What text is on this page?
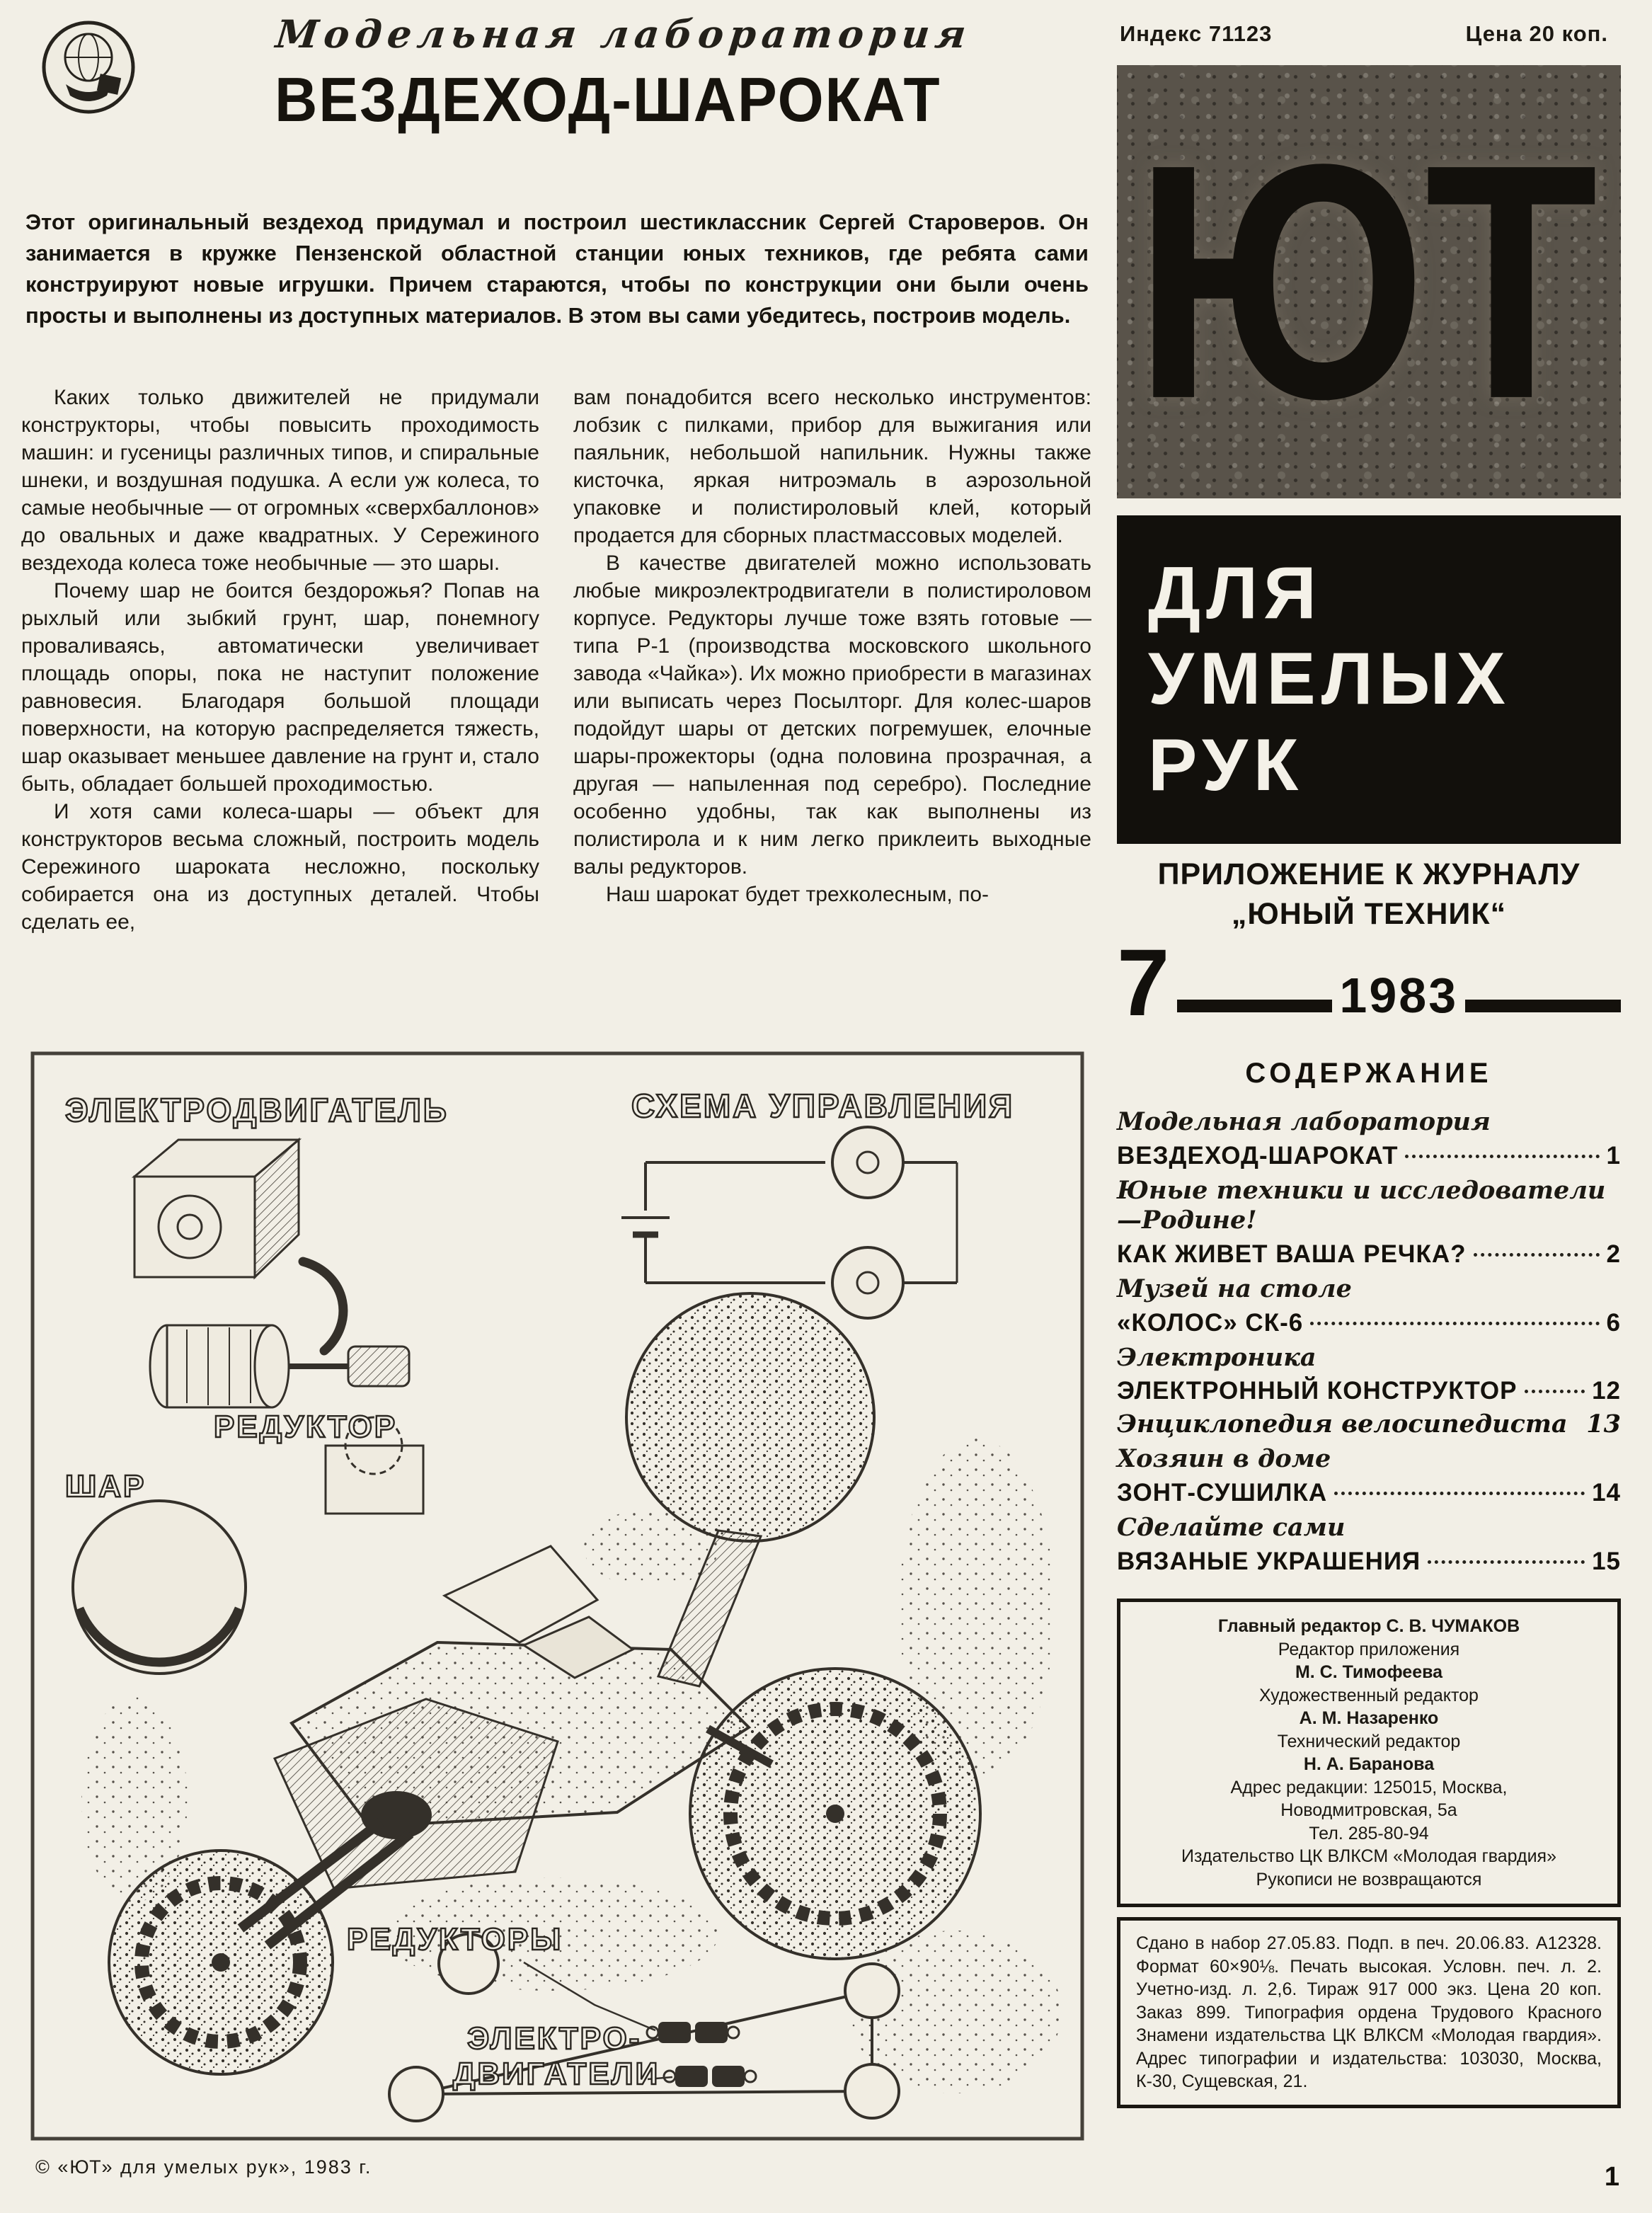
Модельная лаборатория
ВЕЗДЕХОД-ШАРОКАТ
Индекс 71123	Цена 20 коп.

Этот оригинальный вездеход придумал и построил шестиклассник Сергей Староверов. Он занимается в кружке Пензенской областной станции юных техников, где ребята сами конструируют новые игрушки. Причем стараются, чтобы по конструкции они были очень просты и выполнены из доступных материалов. В этом вы сами убедитесь, построив модель.

Каких только движителей не придумали конструкторы, чтобы повысить проходимость машин: и гусеницы различных типов, и спиральные шнеки, и воздушная подушка. А если уж колеса, то самые необычные — от огромных «сверхбаллонов» до овальных и даже квадратных. У Сережиного вездехода колеса тоже необычные — это шары.

Почему шар не боится бездорожья? Попав на рыхлый или зыбкий грунт, шар, понемногу проваливаясь, автоматически увеличивает площадь опоры, пока не наступит положение равновесия. Благодаря большой площади поверхности, на которую распределяется тяжесть, шар оказывает меньшее давление на грунт и, стало быть, обладает большей проходимостью.

И хотя сами колеса-шары — объект для конструкторов весьма сложный, построить модель Сережиного шароката несложно, поскольку собирается она из доступных деталей. Чтобы сделать ее,

вам понадобится всего несколько инструментов: лобзик с пилками, прибор для выжигания или паяльник, небольшой напильник. Нужны также кисточка, яркая нитроэмаль в аэрозольной упаковке и полистироловый клей, который продается для сборных пластмассовых моделей.

В качестве двигателей можно использовать любые микроэлектродвигатели в полистироловом корпусе. Редукторы лучше тоже взять готовые — типа Р-1 (производства московского школьного завода «Чайка»). Их можно приобрести в магазинах или выписать через Посылторг. Для колес-шаров подойдут шары от детских погремушек, елочные шары-прожекторы (одна половина прозрачная, а другая — напыленная под серебро). Последние особенно удобны, так как выполнены из полистирола и к ним легко приклеить выходные валы редукторов.

Наш шарокат будет трехколесным, по-

ЭЛЕКТРОДВИГАТЕЛЬ	СХЕМА УПРАВЛЕНИЯ
РЕДУКТОР
ШАР
РЕДУКТОРЫ
ЭЛЕКТРО-
ДВИГАТЕЛИ
© «ЮТ» для умелых рук», 1983 г.
ЮТ
ДЛЯ
УМЕЛЫХ
РУК
ПРИЛОЖЕНИЕ К ЖУРНАЛУ
„ЮНЫЙ ТЕХНИК“
7	1983
СОДЕРЖАНИЕ
Модельная лаборатория
ВЕЗДЕХОД-ШАРОКАТ	1
Юные техники и исследователи—Родине!
КАК ЖИВЕТ ВАША РЕЧКА?	2
Музей на столе
«КОЛОС» СК-6	6
Электроника
ЭЛЕКТРОННЫЙ КОНСТРУКТОР	12
Энциклопедия велосипедиста 13
Хозяин в доме
ЗОНТ-СУШИЛКА	14
Сделайте сами
ВЯЗАНЫЕ УКРАШЕНИЯ	15
Главный редактор С. В. ЧУМАКОВ
Редактор приложения
М. С. Тимофеева
Художественный редактор
А. М. Назаренко
Технический редактор
Н. А. Баранова
Адрес редакции: 125015, Москва,
Новодмитровская, 5а
Тел. 285-80-94
Издательство ЦК ВЛКСМ «Молодая гвардия»
Рукописи не возвращаются

Сдано в набор 27.05.83. Подп. в печ. 20.06.83. А12328. Формат 60×90⅛. Печать высокая. Условн. печ. л. 2. Учетно-изд. л. 2,6. Тираж 917 000 экз. Цена 20 коп. Заказ 899. Типография ордена Трудового Красного Знамени издательства ЦК ВЛКСМ «Молодая гвардия». Адрес типографии и издательства: 103030, Москва, К-30, Сущевская, 21.

1
